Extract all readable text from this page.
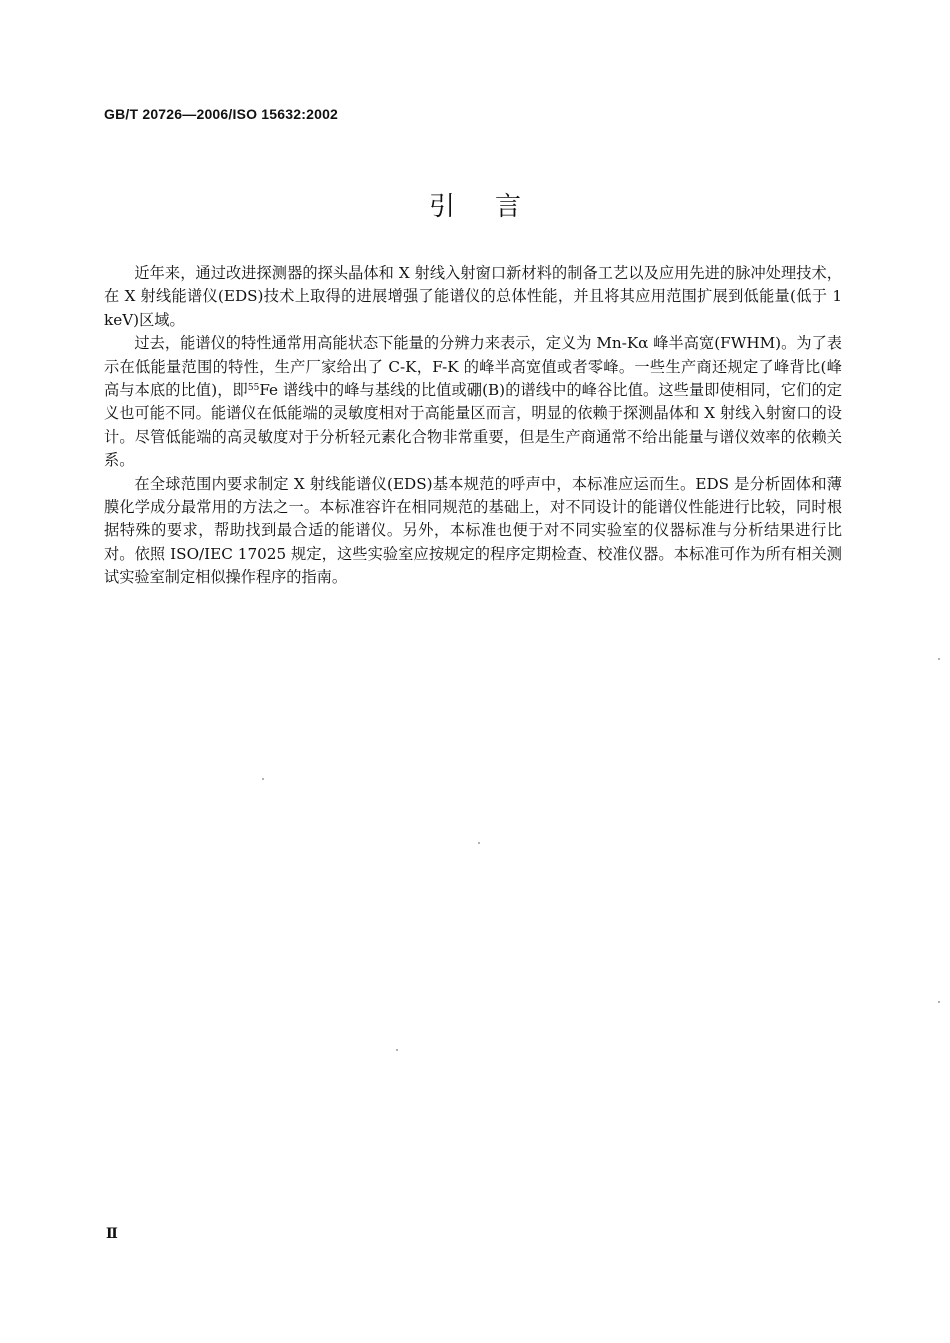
GB/T 20726—2006/ISO 15632:2002
引言

近年来，通过改进探测器的探头晶体和 X 射线入射窗口新材料的制备工艺以及应用先进的脉冲处理技术，在 X 射线能谱仪(EDS)技术上取得的进展增强了能谱仪的总体性能，并且将其应用范围扩展到低能量(低于 1 keV)区域。

过去，能谱仪的特性通常用高能状态下能量的分辨力来表示，定义为 Mn-Kα 峰半高宽(FWHM)。为了表示在低能量范围的特性，生产厂家给出了 C-K，F-K 的峰半高宽值或者零峰。一些生产商还规定了峰背比(峰高与本底的比值)，即$^{55}$Fe 谱线中的峰与基线的比值或硼(B)的谱线中的峰谷比值。这些量即使相同，它们的定义也可能不同。能谱仪在低能端的灵敏度相对于高能量区而言，明显的依赖于探测晶体和 X 射线入射窗口的设计。尽管低能端的高灵敏度对于分析轻元素化合物非常重要，但是生产商通常不给出能量与谱仪效率的依赖关系。

在全球范围内要求制定 X 射线能谱仪(EDS)基本规范的呼声中，本标准应运而生。EDS 是分析固体和薄膜化学成分最常用的方法之一。本标准容许在相同规范的基础上，对不同设计的能谱仪性能进行比较，同时根据特殊的要求，帮助找到最合适的能谱仪。另外，本标准也便于对不同实验室的仪器标准与分析结果进行比对。依照 ISO/IEC 17025 规定，这些实验室应按规定的程序定期检查、校准仪器。本标准可作为所有相关测试实验室制定相似操作程序的指南。

Ⅱ
